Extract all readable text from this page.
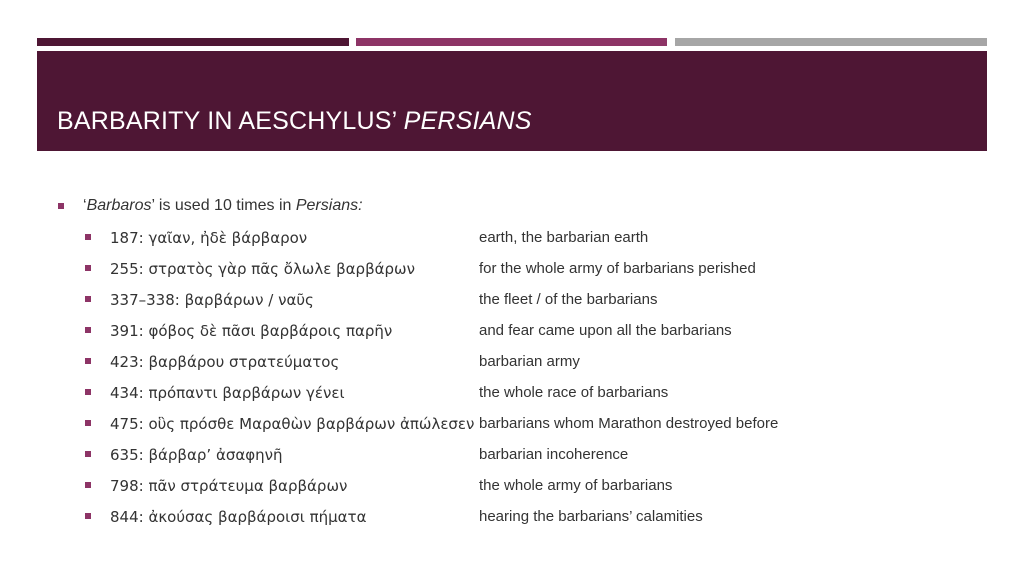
BARBARITY IN AESCHYLUS’ PERSIANS
‘Barbaros’ is used 10 times in Persians:
187: γαῖαν, ἠδὲ βάρβαρον	earth, the barbarian earth
255: στρατὸς γὰρ πᾶς ὄλωλε βαρβάρων	for the whole army of barbarians perished
337–338: βαρβάρων / ναῦς	the fleet / of the barbarians
391: φόβος δὲ πᾶσι βαρβάροις παρῆν	and fear came upon all the barbarians
423: βαρβάρου στρατεύματος	barbarian army
434: πρόπαντι βαρβάρων γένει	the whole race of barbarians
475: οὓς πρόσθε Μαραθὼν βαρβάρων ἀπώλεσεν barbarians whom Marathon destroyed before
635: βάρβαρ’ ἀσαφηνῆ	barbarian incoherence
798: πᾶν στράτευμα βαρβάρων	the whole army of barbarians
844: ἀκούσας βαρβάροισι πήματα	hearing the barbarians’ calamities
